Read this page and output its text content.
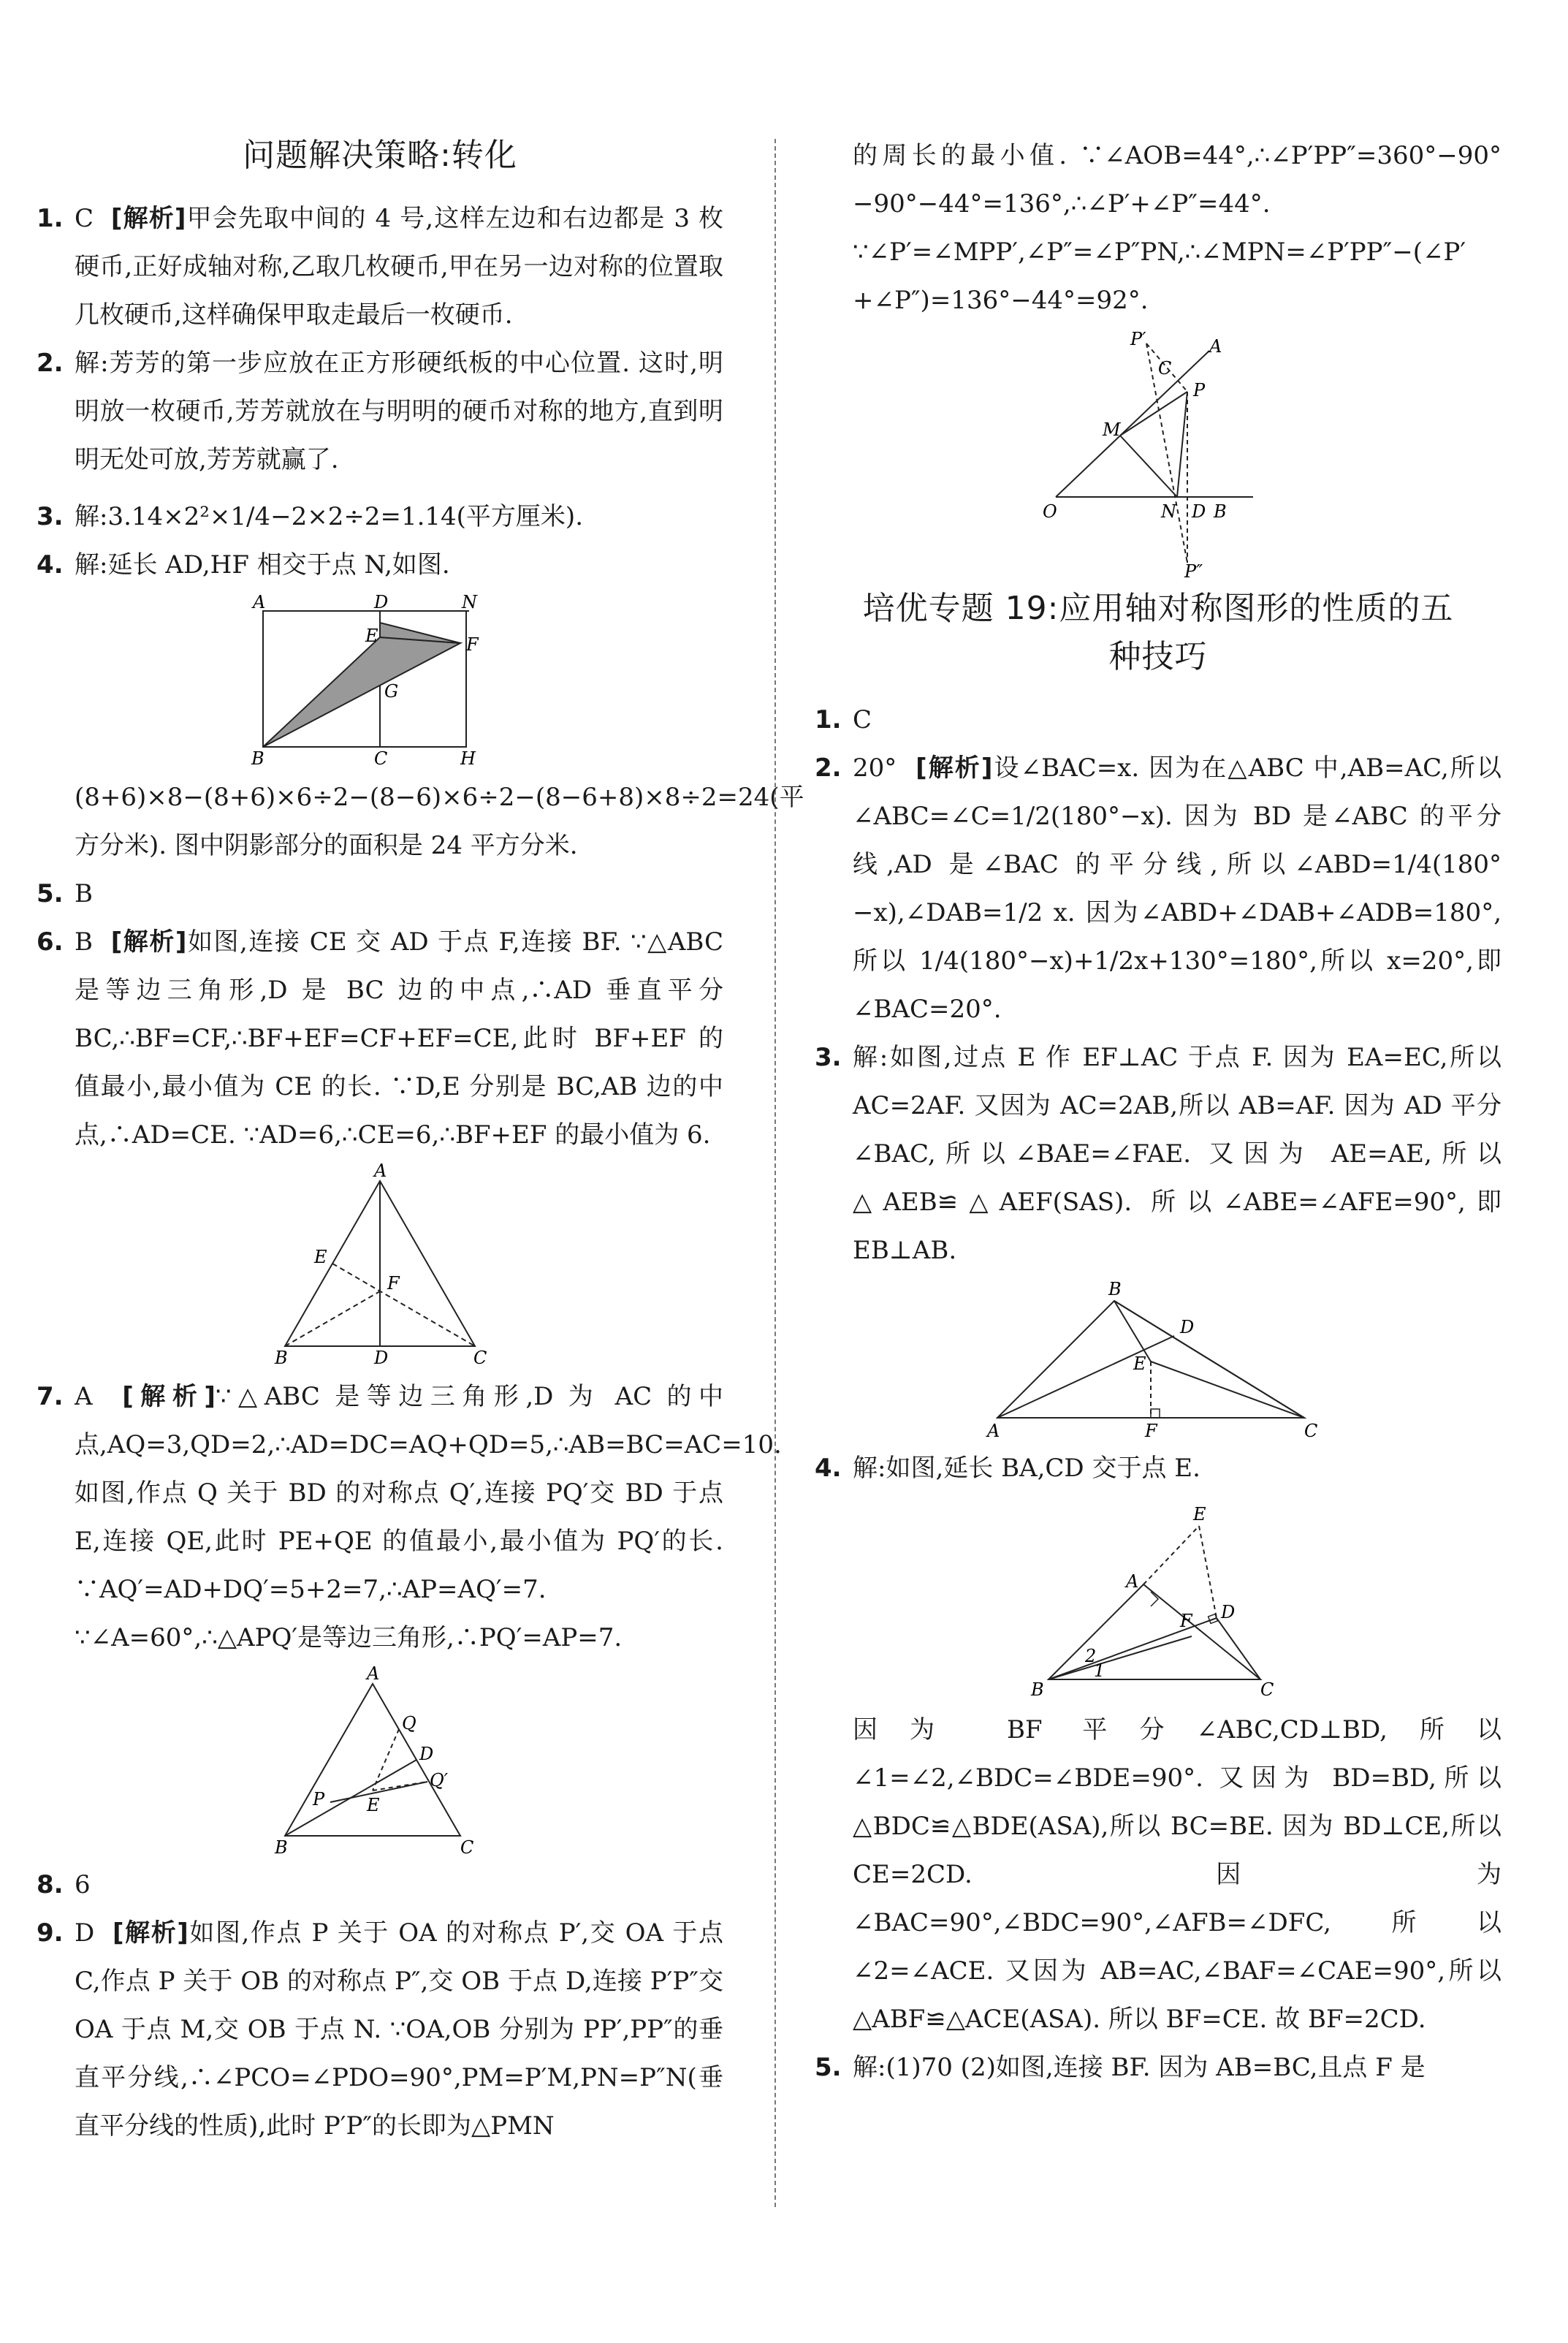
问题解决策略:转化

1. C [解析]甲会先取中间的 4 号,这样左边和右边都是 3 枚硬币,正好成轴对称,乙取几枚硬币,甲在另一边对称的位置取几枚硬币,这样确保甲取走最后一枚硬币.

2. 解:芳芳的第一步应放在正方形硬纸板的中心位置. 这时,明明放一枚硬币,芳芳就放在与明明的硬币对称的地方,直到明明无处可放,芳芳就赢了.

3. 解:3.14×2²×1/4−2×2÷2=1.14(平方厘米).

4. 解:延长 AD,HF 相交于点 N,如图.

A	D	N
E	F
G
B	C	H

(8+6)×8−(8+6)×6÷2−(8−6)×6÷2−(8−6+8)×8÷2=24(平方分米). 图中阴影部分的面积是 24 平方分米.

5. B

6. B [解析]如图,连接 CE 交 AD 于点 F,连接 BF. ∵△ABC 是等边三角形,D 是 BC 边的中点,∴AD 垂直平分 BC,∴BF=CF,∴BF+EF=CF+EF=CE,此时 BF+EF 的值最小,最小值为 CE 的长. ∵D,E 分别是 BC,AB 边的中点,∴AD=CE. ∵AD=6,∴CE=6,∴BF+EF 的最小值为 6.

A
E
F
B	D	C

7. A [解析]∵△ABC 是等边三角形,D 为 AC 的中点,AQ=3,QD=2,∴AD=DC=AQ+QD=5,∴AB=BC=AC=10. 如图,作点 Q 关于 BD 的对称点 Q′,连接 PQ′交 BD 于点 E,连接 QE,此时 PE+QE 的值最小,最小值为 PQ′的长. ∵AQ′=AD+DQ′=5+2=7,∴AP=AQ′=7. ∵∠A=60°,∴△APQ′是等边三角形,∴PQ′=AP=7.

A
Q
D
Q′
P E
B	C

8. 6

9. D [解析]如图,作点 P 关于 OA 的对称点 P′,交 OA 于点 C,作点 P 关于 OB 的对称点 P″,交 OB 于点 D,连接 P′P″交 OA 于点 M,交 OB 于点 N. ∵OA,OB 分别为 PP′,PP″的垂直平分线,∴∠PCO=∠PDO=90°,PM=P′M,PN=P″N(垂直平分线的性质),此时 P′P″的长即为△PMN

的周长的最小值. ∵∠AOB=44°,∴∠P′PP″=360°−90°−90°−44°=136°,∴∠P′+∠P″=44°. ∵∠P′=∠MPP′,∠P″=∠P″PN,∴∠MPN=∠P′PP″−(∠P′+∠P″)=136°−44°=92°.

P′
C
A
M
P
O	N D B
P″
培优专题 19:应用轴对称图形的性质的五种技巧

1. C

2. 20° [解析]设∠BAC=x. 因为在△ABC 中,AB=AC,所以∠ABC=∠C=1/2(180°−x). 因为 BD 是∠ABC 的平分线,AD 是∠BAC 的平分线,所以∠ABD=1/4(180°−x),∠DAB=1/2 x. 因为∠ABD+∠DAB+∠ADB=180°,所以 1/4(180°−x)+1/2x+130°=180°,所以 x=20°,即∠BAC=20°.

3. 解:如图,过点 E 作 EF⊥AC 于点 F. 因为 EA=EC,所以 AC=2AF. 又因为 AC=2AB,所以 AB=AF. 因为 AD 平分∠BAC,所以∠BAE=∠FAE. 又因为 AE=AE,所以△AEB≌△AEF(SAS). 所以∠ABE=∠AFE=90°,即 EB⊥AB.

B
D
E
A	F	C

4. 解:如图,延长 BA,CD 交于点 E.

E
A
D
F
2
1
B	C

因为 BF 平分∠ABC,CD⊥BD,所以∠1=∠2,∠BDC=∠BDE=90°. 又因为 BD=BD,所以△BDC≌△BDE(ASA),所以 BC=BE. 因为 BD⊥CE,所以 CE=2CD. 因为∠BAC=90°,∠BDC=90°,∠AFB=∠DFC,所以∠2=∠ACE. 又因为 AB=AC,∠BAF=∠CAE=90°,所以△ABF≌△ACE(ASA). 所以 BF=CE. 故 BF=2CD.

5. 解:(1)70 (2)如图,连接 BF. 因为 AB=BC,且点 F 是
